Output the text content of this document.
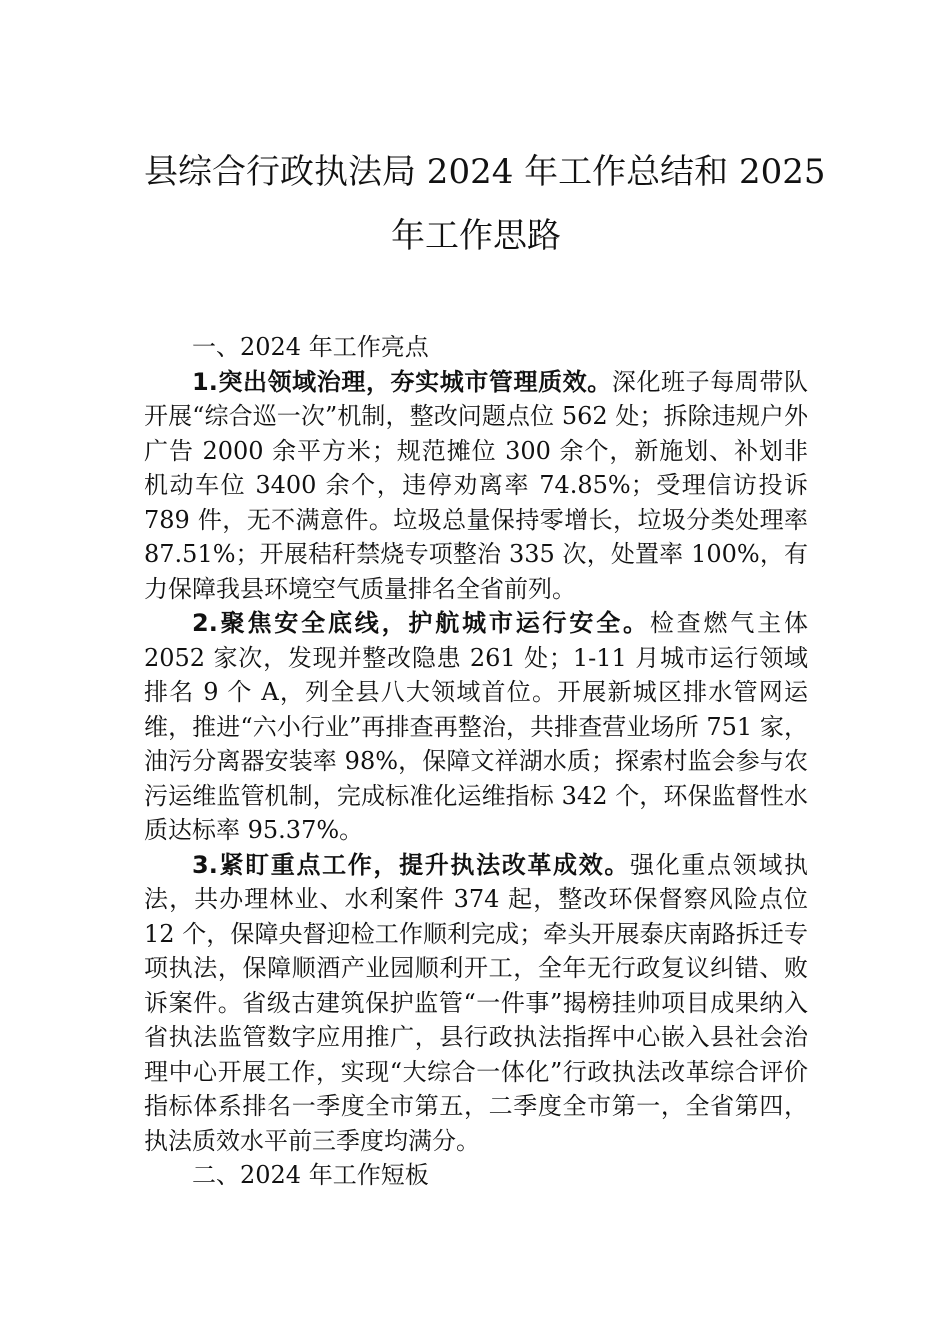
县综合行政执法局 2024 年工作总结和 2025
年工作思路

一、2024 年工作亮点

1.突出领域治理，夯实城市管理质效。深化班子每周带队开展“综合巡一次”机制，整改问题点位 562 处；拆除违规户外广告 2000 余平方米；规范摊位 300 余个，新施划、补划非机动车位 3400 余个，违停劝离率 74.85%；受理信访投诉 789 件，无不满意件。垃圾总量保持零增长，垃圾分类处理率 87.51%；开展秸秆禁烧专项整治 335 次，处置率 100%，有力保障我县环境空气质量排名全省前列。

2.聚焦安全底线，护航城市运行安全。检查燃气主体 2052 家次，发现并整改隐患 261 处；1-11 月城市运行领域排名 9 个 A，列全县八大领域首位。开展新城区排水管网运维，推进“六小行业”再排查再整治，共排查营业场所 751 家，油污分离器安装率 98%，保障文祥湖水质；探索村监会参与农污运维监管机制，完成标准化运维指标 342 个，环保监督性水质达标率 95.37%。

3.紧盯重点工作，提升执法改革成效。强化重点领域执法，共办理林业、水利案件 374 起，整改环保督察风险点位 12 个，保障央督迎检工作顺利完成；牵头开展泰庆南路拆迁专项执法，保障顺酒产业园顺利开工，全年无行政复议纠错、败诉案件。省级古建筑保护监管“一件事”揭榜挂帅项目成果纳入省执法监管数字应用推广，县行政执法指挥中心嵌入县社会治理中心开展工作，实现“大综合一体化”行政执法改革综合评价指标体系排名一季度全市第五，二季度全市第一，全省第四，执法质效水平前三季度均满分。

二、2024 年工作短板
